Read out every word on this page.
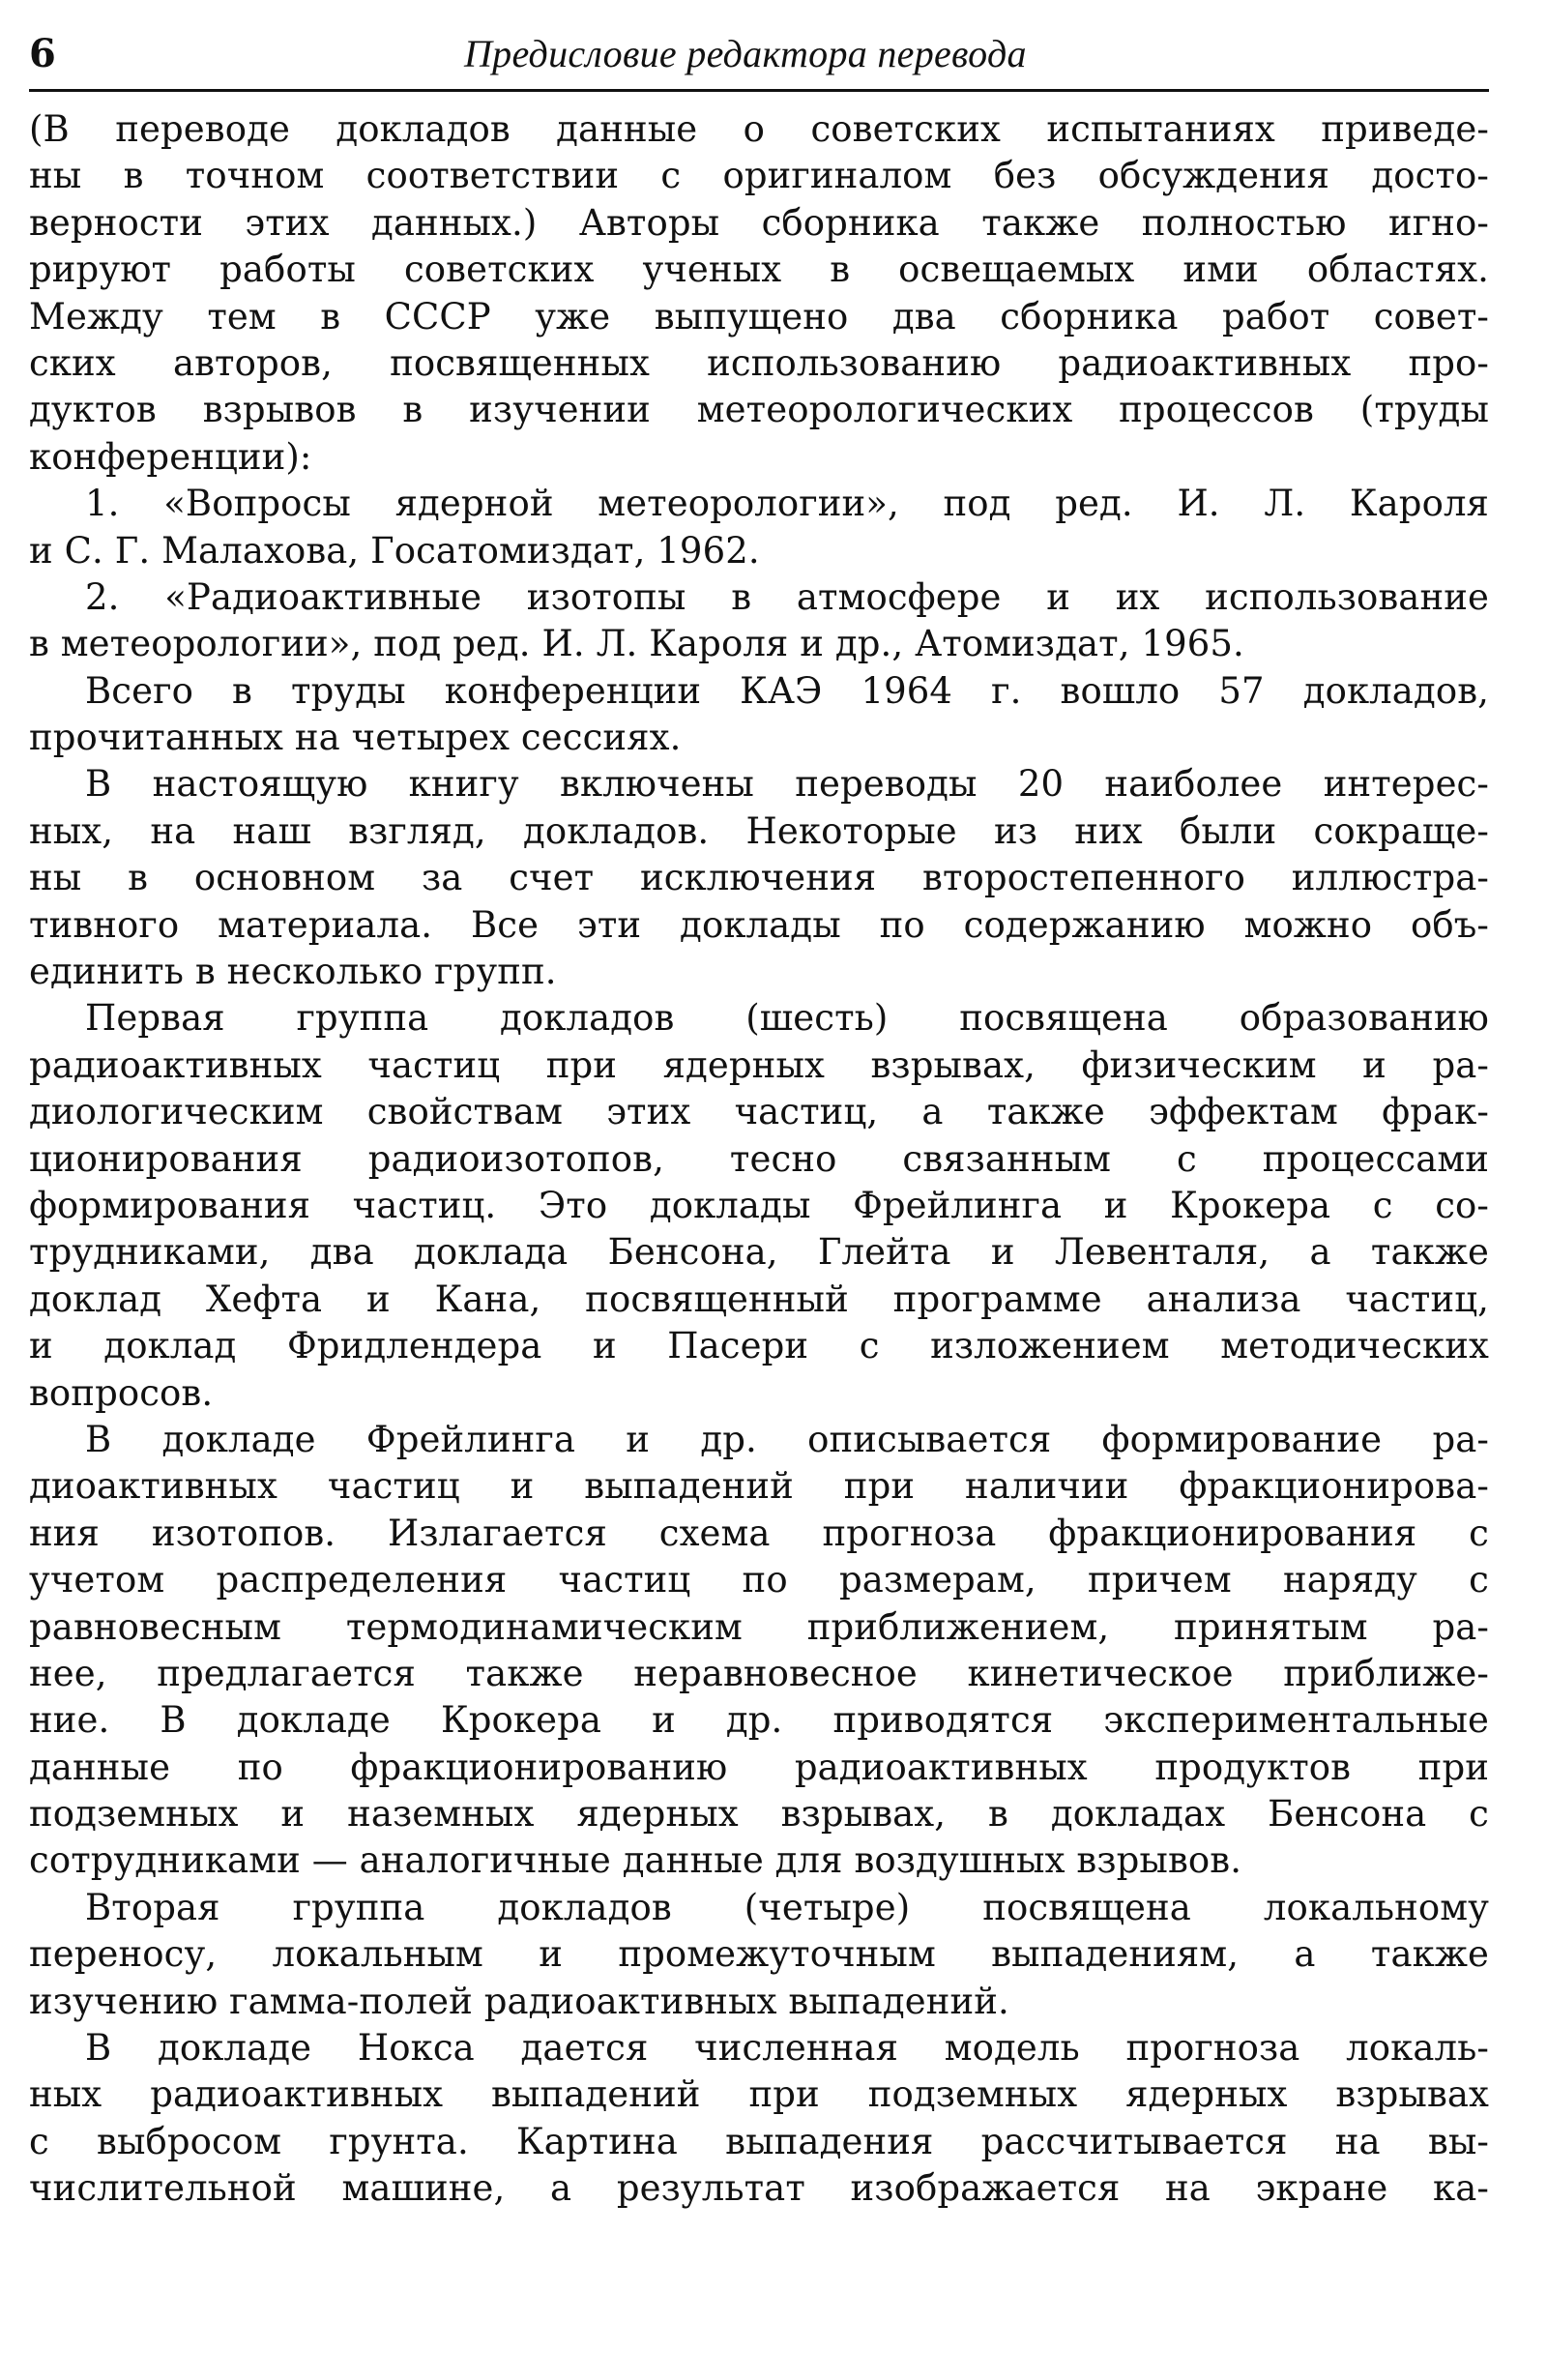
6	Предисловие редактора перевода
(В переводе докладов данные о советских испытаниях приведе-
ны в точном соответствии с оригиналом без обсуждения досто-
верности этих данных.) Авторы сборника также полностью игно-
рируют работы советских ученых в освещаемых ими областях.
Между тем в СССР уже выпущено два сборника работ совет-
ских авторов, посвященных использованию радиоактивных про-
дуктов взрывов в изучении метеорологических процессов (труды
конференции):
1. «Вопросы ядерной метеорологии», под ред. И. Л. Кароля
и С. Г. Малахова, Госатомиздат, 1962.
2. «Радиоактивные изотопы в атмосфере и их использование
в метеорологии», под ред. И. Л. Кароля и др., Атомиздат, 1965.
Всего в труды конференции КАЭ 1964 г. вошло 57 докладов,
прочитанных на четырех сессиях.
В настоящую книгу включены переводы 20 наиболее интерес-
ных, на наш взгляд, докладов. Некоторые из них были сокраще-
ны в основном за счет исключения второстепенного иллюстра-
тивного материала. Все эти доклады по содержанию можно объ-
единить в несколько групп.
Первая группа докладов (шесть) посвящена образованию
радиоактивных частиц при ядерных взрывах, физическим и ра-
диологическим свойствам этих частиц, а также эффектам фрак-
ционирования радиоизотопов, тесно связанным с процессами
формирования частиц. Это доклады Фрейлинга и Крокера с со-
трудниками, два доклада Бенсона, Глейта и Левенталя, а также
доклад Хефта и Кана, посвященный программе анализа частиц,
и доклад Фридлендера и Пасери с изложением методических
вопросов.
В докладе Фрейлинга и др. описывается формирование ра-
диоактивных частиц и выпадений при наличии фракционирова-
ния изотопов. Излагается схема прогноза фракционирования с
учетом распределения частиц по размерам, причем наряду с
равновесным термодинамическим приближением, принятым ра-
нее, предлагается также неравновесное кинетическое приближе-
ние. В докладе Крокера и др. приводятся экспериментальные
данные по фракционированию радиоактивных продуктов при
подземных и наземных ядерных взрывах, в докладах Бенсона с
сотрудниками — аналогичные данные для воздушных взрывов.
Вторая группа докладов (четыре) посвящена локальному
переносу, локальным и промежуточным выпадениям, а также
изучению гамма-полей радиоактивных выпадений.
В докладе Нокса дается численная модель прогноза локаль-
ных радиоактивных выпадений при подземных ядерных взрывах
с выбросом грунта. Картина выпадения рассчитывается на вы-
числительной машине, а результат изображается на экране ка-
